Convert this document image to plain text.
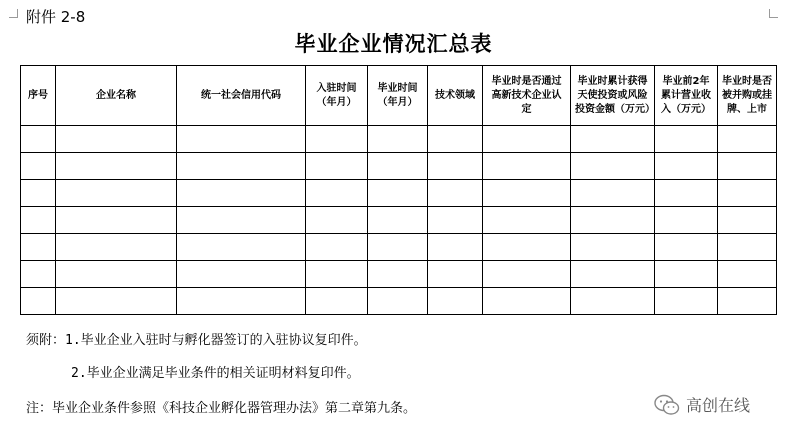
附件 2-8
毕业企业情况汇总表
序号	企业名称	统一社会信用代码	入驻时间（年月）	毕业时间（年月）	技术领域	毕业时是否通过高新技术企业认定	毕业时累计获得天使投资或风险投资金额（万元）	毕业前2年累计营业收入（万元）	毕业时是否被并购或挂牌、上市

须附：1.毕业企业入驻时与孵化器签订的入驻协议复印件。
2.毕业企业满足毕业条件的相关证明材料复印件。
注：毕业企业条件参照《科技企业孵化器管理办法》第二章第九条。	高创在线
